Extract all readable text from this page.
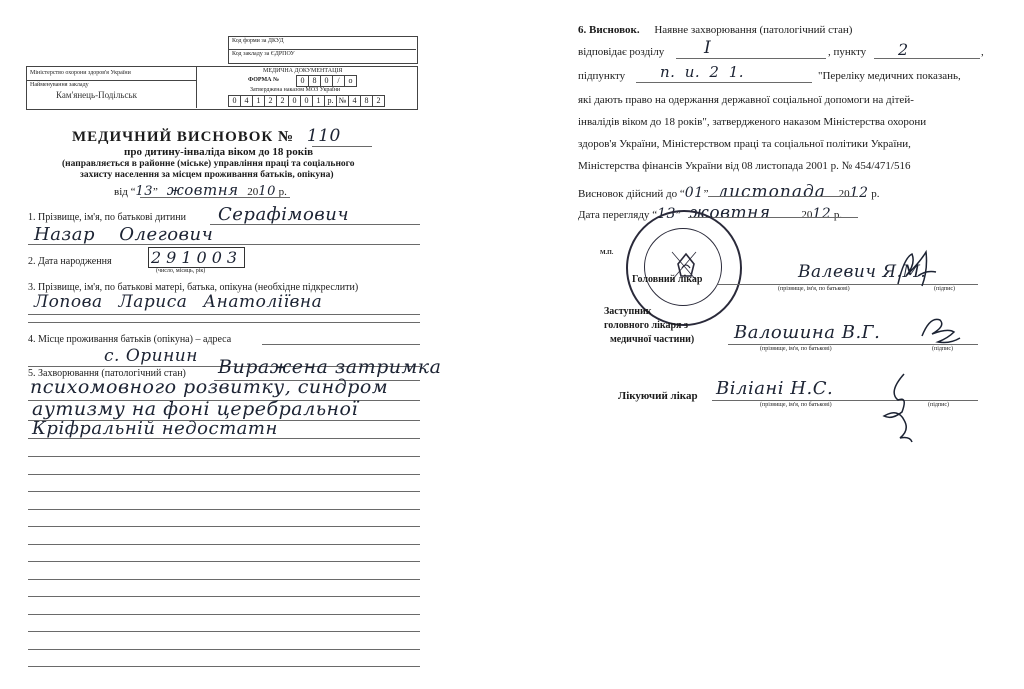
Код форми за ДКУД
Код закладу за ЄДРПОУ
Міністерство охорони здоров'я України
Найменування закладу
Кам'янець-Подільськ
МЕДИЧНА ДОКУМЕНТАЦІЯ
ФОРМА №	0	8	0	/	о
Затверджена наказом МОЗ України
0	4	1	2	2	0	0	1 р. № 4	8	2
МЕДИЧНИЙ ВИСНОВОК № 110
про дитину-інваліда віком до 18 років
(направляється в районне (міське) управління праці та соціального
захисту населення за місцем проживання батьків, опікуна)
від “13” жовтня 2010 р.
1. Прізвище, ім'я, по батькові дитини Серафімович
Назар Олегович
2. Дата народження 291003
(число, місяць, рік)
3. Прізвище, ім'я, по батькові матері, батька, опікуна (необхідне підкреслити)
Лопова Лариса Анатоліївна
4. Місце проживання батьків (опікуна) – адреса
с. Оринин
5. Захворювання (патологічний стан) Виражена затримка
психомовного розвитку, синдром
аутизму на фоні церебральної
Кріфральній недостатн
6. Висновок. Наявне захворювання (патологічний стан)
відповідає розділу Ⅰ	, пункту 2	,
підпункту п. и. 2 1.	"Переліку медичних показань,
які дають право на одержання державної соціальної допомоги на дітей-
інвалідів віком до 18 років", затвердженого наказом Міністерства охорони
здоров'я України, Міністерством праці та соціальної політики України,
Міністерства фінансів України від 08 листопада 2001 р. № 454/471/516
Висновок дійсний до “01” листопада 2012 р.
Дата перегляду “13” жовтня	2012 р.
М.П.
Головний лікар	Валевич Я.М.
(прізвище, ім'я, по батькові)	(підпис)
Заступник
головного лікаря з
медичної частини) Валошина В.Г.
(прізвище, ім'я, по батькові)	(підпис)
Лікуючий лікар Віліані Н.С.
(прізвище, ім'я, по батькові)	(підпис)
